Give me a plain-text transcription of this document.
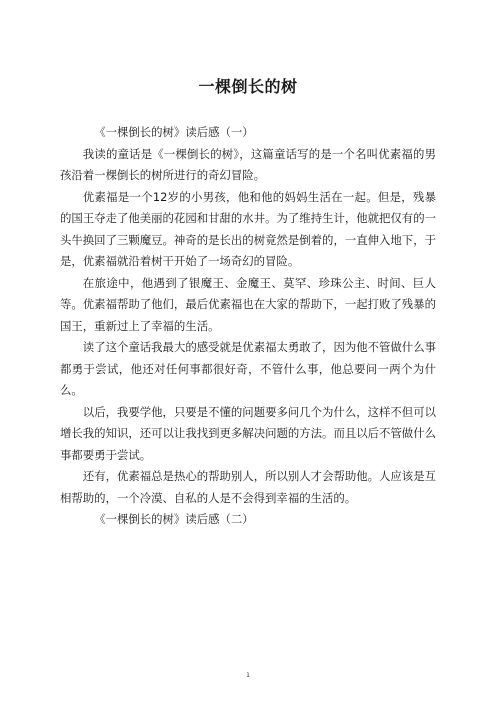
一棵倒长的树

《一棵倒长的树》读后感（一）

我读的童话是《一棵倒长的树》，这篇童话写的是一个名叫优素福的男孩沿着一棵倒长的树所进行的奇幻冒险。

优素福是一个12岁的小男孩，他和他的妈妈生活在一起。但是，残暴的国王夺走了他美丽的花园和甘甜的水井。为了维持生计，他就把仅有的一头牛换回了三颗魔豆。神奇的是长出的树竟然是倒着的，一直伸入地下，于是，优素福就沿着树干开始了一场奇幻的冒险。

在旅途中，他遇到了银魔王、金魔王、莫罕、珍珠公主、时间、巨人等。优素福帮助了他们，最后优素福也在大家的帮助下，一起打败了残暴的国王，重新过上了幸福的生活。

读了这个童话我最大的感受就是优素福太勇敢了，因为他不管做什么事都勇于尝试，他还对任何事都很好奇，不管什么事，他总要问一两个为什么。

以后，我要学他，只要是不懂的问题要多问几个为什么，这样不但可以增长我的知识，还可以让我找到更多解决问题的方法。而且以后不管做什么事都要勇于尝试。

还有，优素福总是热心的帮助别人，所以别人才会帮助他。人应该是互相帮助的，一个冷漠、自私的人是不会得到幸福的生活的。

《一棵倒长的树》读后感（二）

1
